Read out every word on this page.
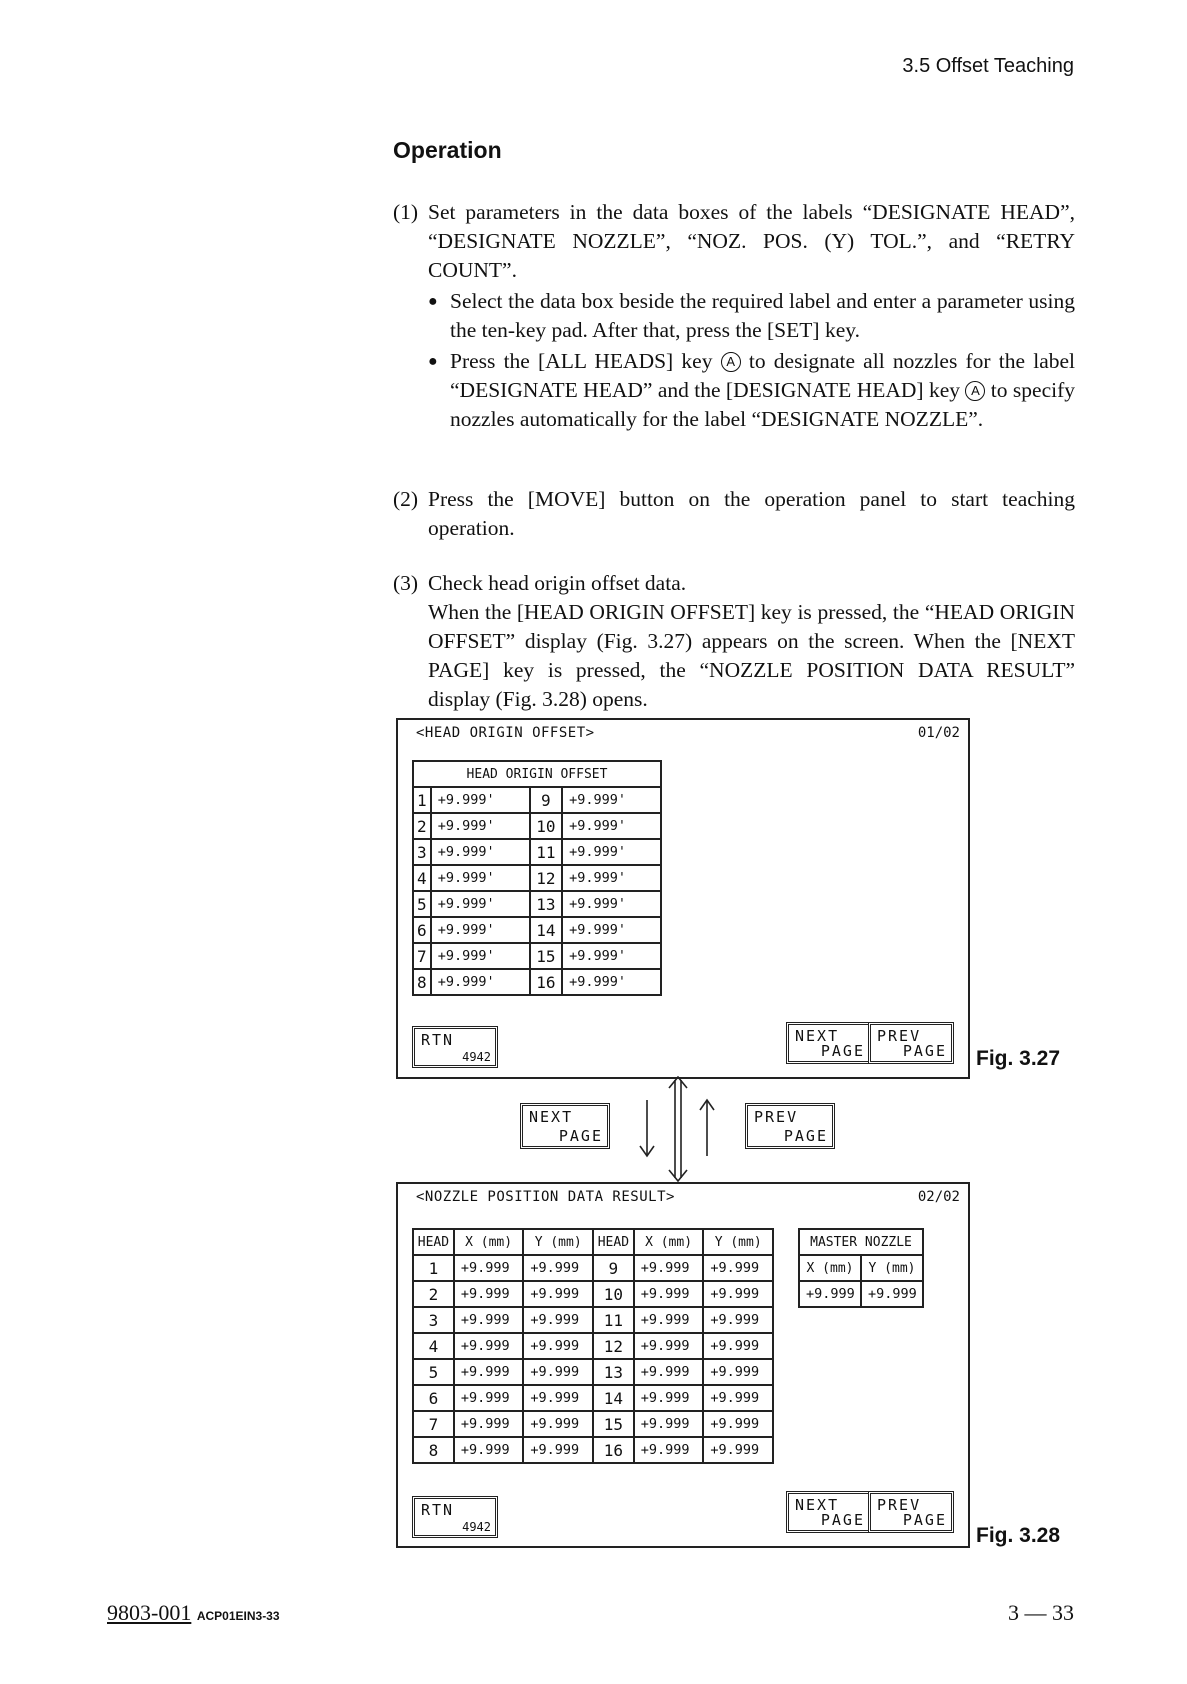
3.5 Offset Teaching
Operation
(1) Set parameters in the data boxes of the labels “DESIGNATE HEAD”, “DESIGNATE NOZZLE”, “NOZ. POS. (Y) TOL.”, and “RETRY COUNT”.
● Select the data box beside the required label and enter a parameter using the ten-key pad. After that, press the [SET] key.
● Press the [ALL HEADS] key A to designate all nozzles for the label “DESIGNATE HEAD” and the [DESIGNATE HEAD] key A to specify nozzles automatically for the label “DESIGNATE NOZZLE”.
(2) Press the [MOVE] button on the operation panel to start teaching operation.
(3) Check head origin offset data.
When the [HEAD ORIGIN OFFSET] key is pressed, the “HEAD ORIGIN OFFSET” display (Fig. 3.27) appears on the screen. When the [NEXT PAGE] key is pressed, the “NOZZLE POSITION DATA RESULT” display (Fig. 3.28) opens.
<HEAD ORIGIN OFFSET>	01/02
HEAD ORIGIN OFFSET			
1	+9.999'	9	+9.999'
2	+9.999'	10	+9.999'
3	+9.999'	11	+9.999'
4	+9.999'	12	+9.999'
5	+9.999'	13	+9.999'
6	+9.999'	14	+9.999'
7	+9.999'	15	+9.999'
8	+9.999'	16	+9.999'
RTN
4942
NEXT
PAGE
PREV
PAGE Fig. 3.27
NEXT
PAGE
PREV
PAGE
<NOZZLE POSITION DATA RESULT>	02/02
HEAD	X (mm)	Y (mm)	HEAD	X (mm)	Y (mm)
1	+9.999	+9.999	9	+9.999	+9.999
2	+9.999	+9.999	10	+9.999	+9.999
3	+9.999	+9.999	11	+9.999	+9.999
4	+9.999	+9.999	12	+9.999	+9.999
5	+9.999	+9.999	13	+9.999	+9.999
6	+9.999	+9.999	14	+9.999	+9.999
7	+9.999	+9.999	15	+9.999	+9.999
8	+9.999	+9.999	16	+9.999	+9.999
MASTER NOZZLE	
X (mm)	Y (mm)
+9.999	+9.999
RTN
4942
NEXT
PAGE
PREV
PAGE
Fig. 3.28
9803-001 ACP01EIN3-33	3 — 33
